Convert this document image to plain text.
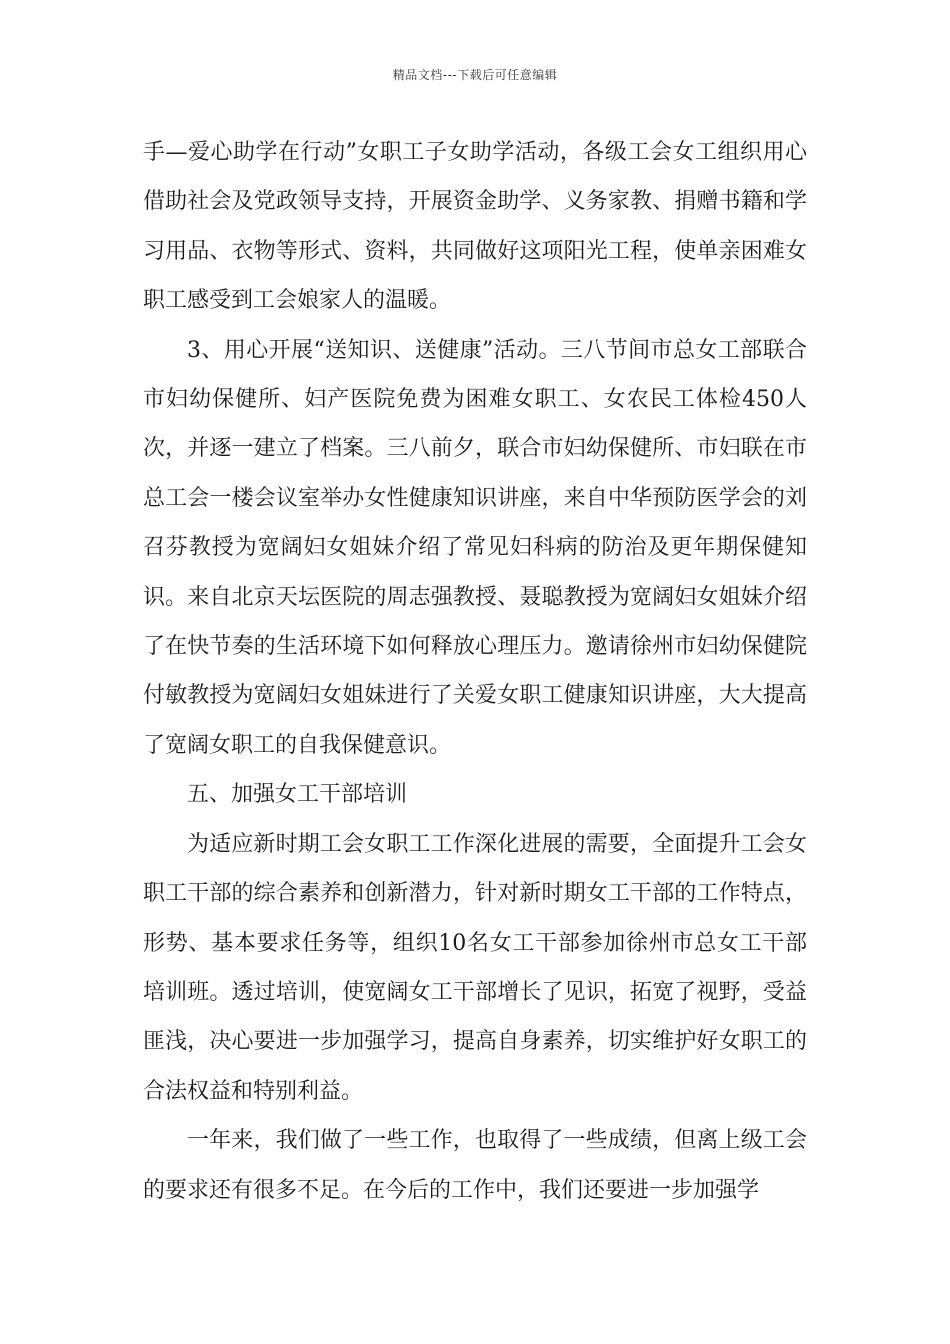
精品文档---下载后可任意编辑

手—爱心助学在行动”女职工子女助学活动，各级工会女工组织用心借助社会及党政领导支持，开展资金助学、义务家教、捐赠书籍和学习用品、衣物等形式、资料，共同做好这项阳光工程，使单亲困难女职工感受到工会娘家人的温暖。

3、用心开展“送知识、送健康”活动。三八节间市总女工部联合市妇幼保健所、妇产医院免费为困难女职工、女农民工体检450人次，并逐一建立了档案。三八前夕，联合市妇幼保健所、市妇联在市总工会一楼会议室举办女性健康知识讲座，来自中华预防医学会的刘召芬教授为宽阔妇女姐妹介绍了常见妇科病的防治及更年期保健知识。来自北京天坛医院的周志强教授、聂聪教授为宽阔妇女姐妹介绍了在快节奏的生活环境下如何释放心理压力。邀请徐州市妇幼保健院付敏教授为宽阔妇女姐妹进行了关爱女职工健康知识讲座，大大提高了宽阔女职工的自我保健意识。

五、加强女工干部培训

为适应新时期工会女职工工作深化进展的需要，全面提升工会女职工干部的综合素养和创新潜力，针对新时期女工干部的工作特点，形势、基本要求任务等，组织10名女工干部参加徐州市总女工干部培训班。透过培训，使宽阔女工干部增长了见识，拓宽了视野，受益匪浅，决心要进一步加强学习，提高自身素养，切实维护好女职工的合法权益和特别利益。

一年来，我们做了一些工作，也取得了一些成绩，但离上级工会的要求还有很多不足。在今后的工作中，我们还要进一步加强学
